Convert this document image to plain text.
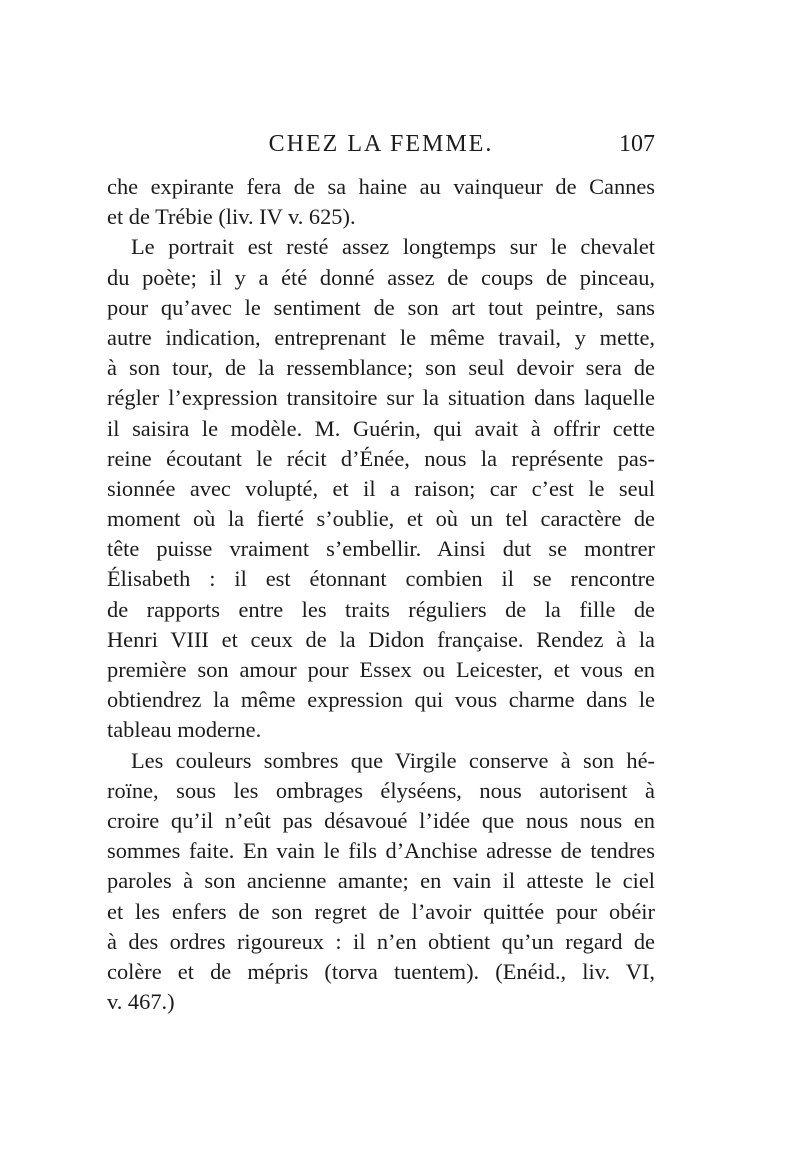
CHEZ LA FEMME.	107
che expirante fera de sa haine au vainqueur de Cannes
et de Trébie (liv. IV v. 625).
Le portrait est resté assez longtemps sur le chevalet
du poète; il y a été donné assez de coups de pinceau,
pour qu’avec le sentiment de son art tout peintre, sans
autre indication, entreprenant le même travail, y mette,
à son tour, de la ressemblance; son seul devoir sera de
régler l’expression transitoire sur la situation dans laquelle
il saisira le modèle. M. Guérin, qui avait à offrir cette
reine écoutant le récit d’Énée, nous la représente pas-
sionnée avec volupté, et il a raison; car c’est le seul
moment où la fierté s’oublie, et où un tel caractère de
tête puisse vraiment s’embellir. Ainsi dut se montrer
Élisabeth : il est étonnant combien il se rencontre
de rapports entre les traits réguliers de la fille de
Henri VIII et ceux de la Didon française. Rendez à la
première son amour pour Essex ou Leicester, et vous en
obtiendrez la même expression qui vous charme dans le
tableau moderne.
Les couleurs sombres que Virgile conserve à son hé-
roïne, sous les ombrages élyséens, nous autorisent à
croire qu’il n’eût pas désavoué l’idée que nous nous en
sommes faite. En vain le fils d’Anchise adresse de tendres
paroles à son ancienne amante; en vain il atteste le ciel
et les enfers de son regret de l’avoir quittée pour obéir
à des ordres rigoureux : il n’en obtient qu’un regard de
colère et de mépris (torva tuentem). (Enéid., liv. VI,
v. 467.)
